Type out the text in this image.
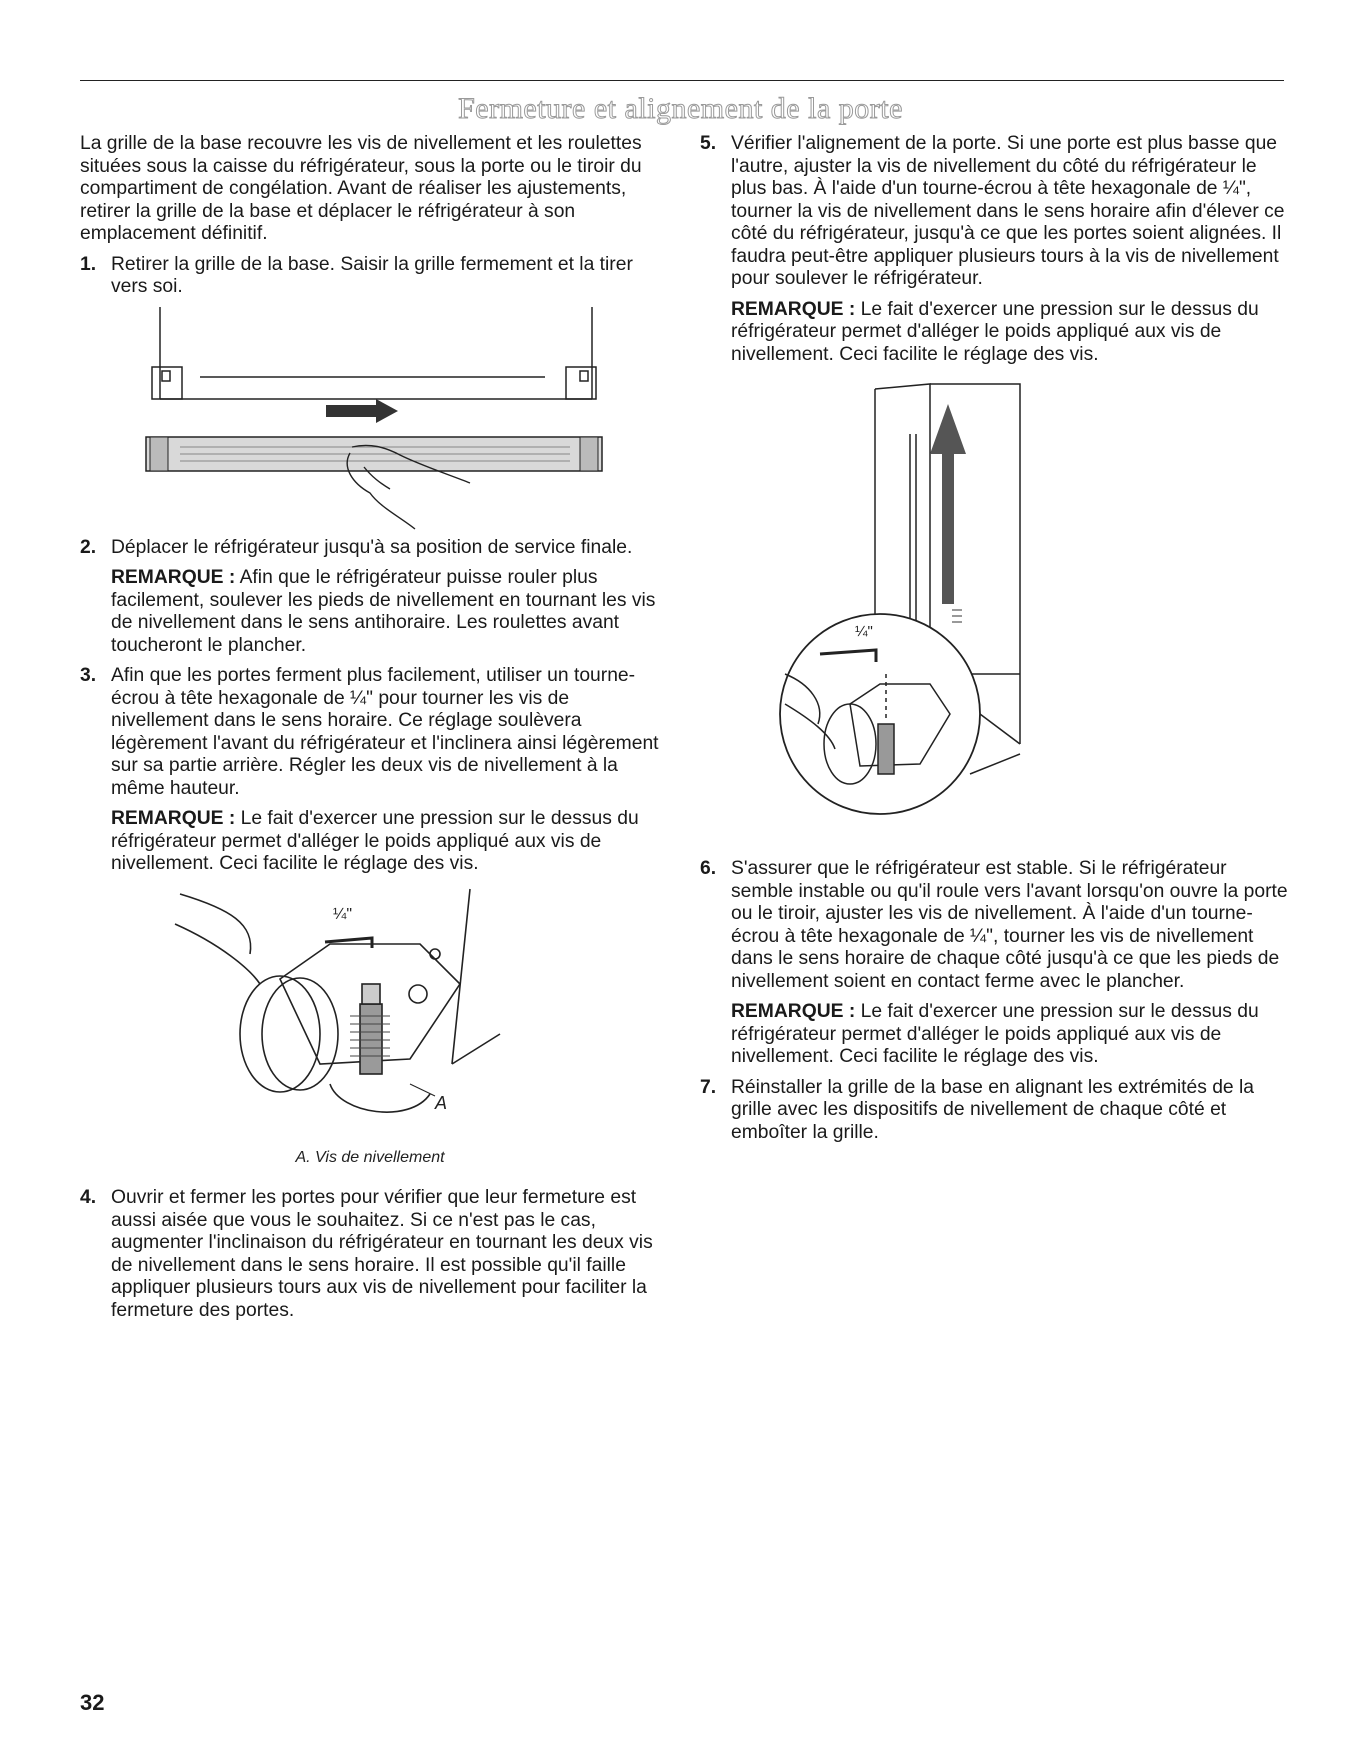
Fermeture et alignement de la porte

La grille de la base recouvre les vis de nivellement et les roulettes situées sous la caisse du réfrigérateur, sous la porte ou le tiroir du compartiment de congélation. Avant de réaliser les ajustements, retirer la grille de la base et déplacer le réfrigérateur à son emplacement définitif.

1. Retirer la grille de la base. Saisir la grille fermement et la tirer vers soi.
2. Déplacer le réfrigérateur jusqu'à sa position de service finale.
REMARQUE : Afin que le réfrigérateur puisse rouler plus facilement, soulever les pieds de nivellement en tournant les vis de nivellement dans le sens antihoraire. Les roulettes avant toucheront le plancher.
3. Afin que les portes ferment plus facilement, utiliser un tourne-écrou à tête hexagonale de ¼" pour tourner les vis de nivellement dans le sens horaire. Ce réglage soulèvera légèrement l'avant du réfrigérateur et l'inclinera ainsi légèrement sur sa partie arrière. Régler les deux vis de nivellement à la même hauteur.
REMARQUE : Le fait d'exercer une pression sur le dessus du réfrigérateur permet d'alléger le poids appliqué aux vis de nivellement. Ceci facilite le réglage des vis.
¼"
A
A. Vis de nivellement
4. Ouvrir et fermer les portes pour vérifier que leur fermeture est aussi aisée que vous le souhaitez. Si ce n'est pas le cas, augmenter l'inclinaison du réfrigérateur en tournant les deux vis de nivellement dans le sens horaire. Il est possible qu'il faille appliquer plusieurs tours aux vis de nivellement pour faciliter la fermeture des portes.
5. Vérifier l'alignement de la porte. Si une porte est plus basse que l'autre, ajuster la vis de nivellement du côté du réfrigérateur le plus bas. À l'aide d'un tourne-écrou à tête hexagonale de ¼", tourner la vis de nivellement dans le sens horaire afin d'élever ce côté du réfrigérateur, jusqu'à ce que les portes soient alignées. Il faudra peut-être appliquer plusieurs tours à la vis de nivellement pour soulever le réfrigérateur.
REMARQUE : Le fait d'exercer une pression sur le dessus du réfrigérateur permet d'alléger le poids appliqué aux vis de nivellement. Ceci facilite le réglage des vis.
¼"
6. S'assurer que le réfrigérateur est stable. Si le réfrigérateur semble instable ou qu'il roule vers l'avant lorsqu'on ouvre la porte ou le tiroir, ajuster les vis de nivellement. À l'aide d'un tourne-écrou à tête hexagonale de ¼", tourner les vis de nivellement dans le sens horaire de chaque côté jusqu'à ce que les pieds de nivellement soient en contact ferme avec le plancher.
REMARQUE : Le fait d'exercer une pression sur le dessus du réfrigérateur permet d'alléger le poids appliqué aux vis de nivellement. Ceci facilite le réglage des vis.
7. Réinstaller la grille de la base en alignant les extrémités de la grille avec les dispositifs de nivellement de chaque côté et emboîter la grille.
32
